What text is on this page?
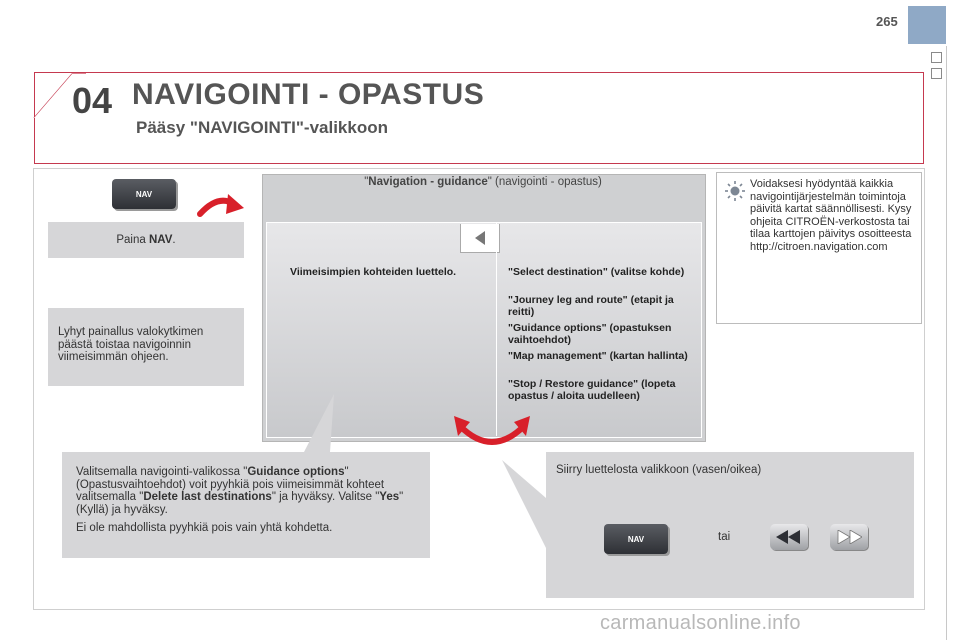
265
04 NAVIGOINTI - OPASTUS
Pääsy "NAVIGOINTI"-valikkoon
NAV
Paina
NAV .
Lyhyt painallus valokytkimen päästä toistaa navigoinnin viimeisimmän ohjeen.
"Navigation - guidance" (navigointi - opastus)
Viimeisimpien kohteiden luettelo.	"Select destination" (valitse kohde)
"Journey leg and route" (etapit ja reitti)
"Guidance options" (opastuksen vaihtoehdot)
"Map management" (kartan hallinta)
"Stop / Restore guidance" (lopeta opastus / aloita uudelleen)
Voidaksesi hyödyntää kaikkia navigointijärjestelmän toimintoja päivitä kartat säännöllisesti. Kysy ohjeita CITROËN-verkostosta tai tilaa karttojen päivitys osoitteesta http://citroen.navigation.com
Valitsemalla navigointi-valikossa "Guidance options" (Opastusvaihtoehdot) voit pyyhkiä pois viimeisimmät kohteet valitsemalla "Delete last destinations" ja hyväksy. Valitse "Yes" (Kyllä) ja hyväksy.
Ei ole mahdollista pyyhkiä pois vain yhtä kohdetta.
Siirry luettelosta valikkoon (vasen/oikea)
NAV	tai
carmanualsonline.info
